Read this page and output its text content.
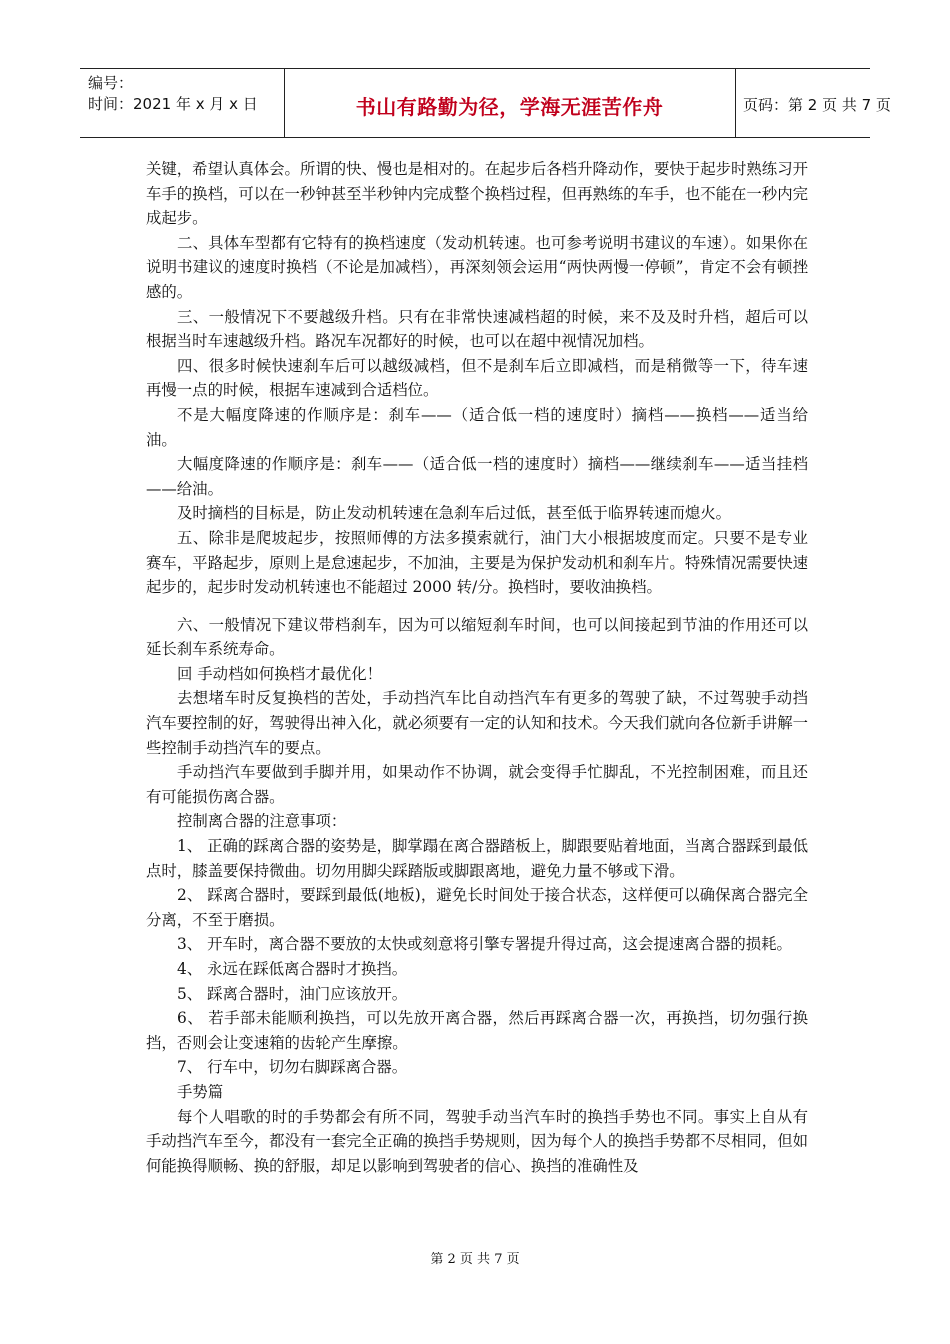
编号：
时间：2021 年 x 月 x 日	书山有路勤为径，学海无涯苦作舟	页码：第 2 页 共 7 页

关键，希望认真体会。所谓的快、慢也是相对的。在起步后各档升降动作，要快于起步时熟练习开车手的换档，可以在一秒钟甚至半秒钟内完成整个换档过程，但再熟练的车手，也不能在一秒内完成起步。

二、具体车型都有它特有的换档速度（发动机转速。也可参考说明书建议的车速）。如果你在说明书建议的速度时换档（不论是加减档），再深刻领会运用“两快两慢一停顿”，肯定不会有顿挫感的。

三、一般情况下不要越级升档。只有在非常快速减档超的时候，来不及及时升档，超后可以根据当时车速越级升档。路况车况都好的时候，也可以在超中视情况加档。

四、很多时候快速刹车后可以越级减档，但不是刹车后立即减档，而是稍微等一下，待车速再慢一点的时候，根据车速减到合适档位。

不是大幅度降速的作顺序是：刹车——（适合低一档的速度时）摘档——换档——适当给油。

大幅度降速的作顺序是：刹车——（适合低一档的速度时）摘档——继续刹车——适当挂档——给油。

及时摘档的目标是，防止发动机转速在急刹车后过低，甚至低于临界转速而熄火。

五、除非是爬坡起步，按照师傅的方法多摸索就行，油门大小根据坡度而定。只要不是专业赛车，平路起步，原则上是怠速起步，不加油，主要是为保护发动机和刹车片。特殊情况需要快速起步的，起步时发动机转速也不能超过 2000 转/分。换档时，要收油换档。

六、一般情况下建议带档刹车，因为可以缩短刹车时间，也可以间接起到节油的作用还可以延长刹车系统寿命。

回 手动档如何换档才最优化！

去想堵车时反复换档的苦处，手动挡汽车比自动挡汽车有更多的驾驶了缺，不过驾驶手动挡汽车要控制的好，驾驶得出神入化，就必须要有一定的认知和技术。今天我们就向各位新手讲解一些控制手动挡汽车的要点。

手动挡汽车要做到手脚并用，如果动作不协调，就会变得手忙脚乱，不光控制困难，而且还有可能损伤离合器。

控制离合器的注意事项：

1、 正确的踩离合器的姿势是，脚掌蹋在离合器踏板上，脚跟要贴着地面，当离合器踩到最低点时，膝盖要保持微曲。切勿用脚尖踩踏版或脚跟离地，避免力量不够或下滑。

2、 踩离合器时，要踩到最低(地板)，避免长时间处于接合状态，这样便可以确保离合器完全分离，不至于磨损。

3、 开车时，离合器不要放的太快或刻意将引擎专署提升得过高，这会提速离合器的损耗。

4、 永远在踩低离合器时才换挡。

5、 踩离合器时，油门应该放开。

6、 若手部未能顺利换挡，可以先放开离合器，然后再踩离合器一次，再换挡，切勿强行换挡，否则会让变速箱的齿轮产生摩擦。

7、 行车中，切勿右脚踩离合器。

手势篇

每个人唱歌的时的手势都会有所不同，驾驶手动当汽车时的换挡手势也不同。事实上自从有手动挡汽车至今，都没有一套完全正确的换挡手势规则，因为每个人的换挡手势都不尽相同，但如何能换得顺畅、换的舒服，却足以影响到驾驶者的信心、换挡的准确性及

第 2 页 共 7 页
